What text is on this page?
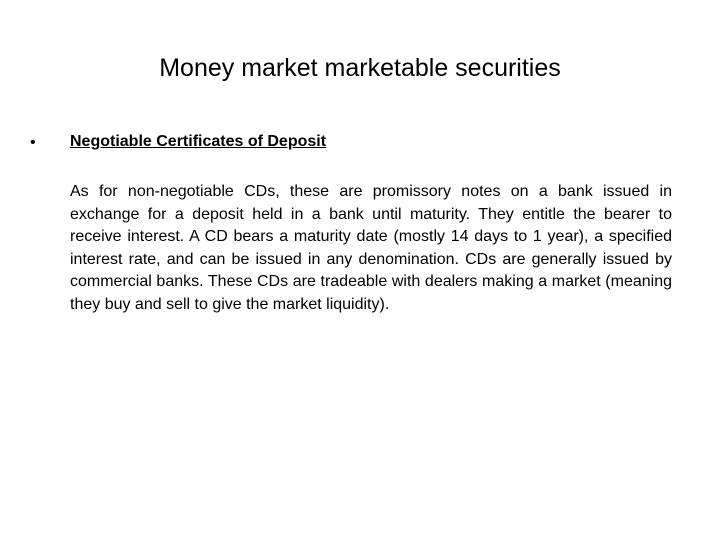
Money market marketable securities
• Negotiable Certificates of Deposit

As for non-negotiable CDs, these are promissory notes on a bank issued in exchange for a deposit held in a bank until maturity. They entitle the bearer to receive interest. A CD bears a maturity date (mostly 14 days to 1 year), a specified interest rate, and can be issued in any denomination. CDs are generally issued by commercial banks. These CDs are tradeable with dealers making a market (meaning they buy and sell to give the market liquidity).
